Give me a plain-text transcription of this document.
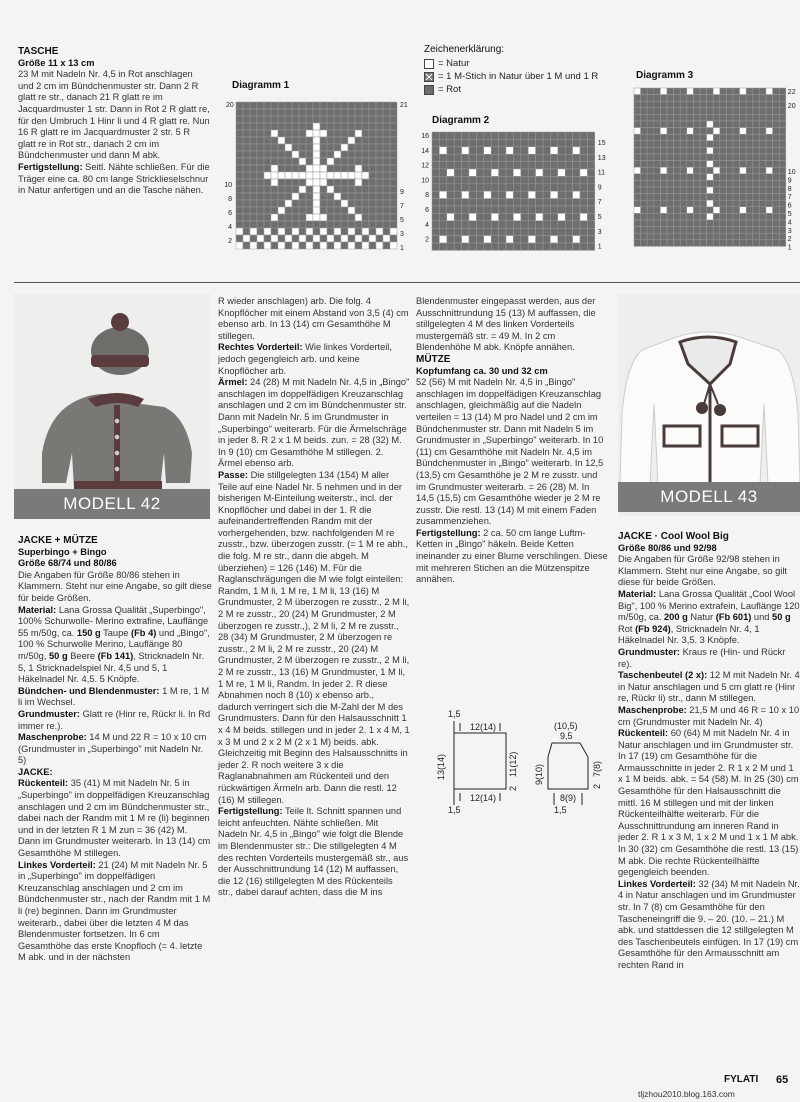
TASCHE

Größe 11 x 13 cm

23 M mit Nadeln Nr. 4,5 in Rot anschlagen und 2 cm im Bündchenmuster str. Dann 2 R glatt re str., danach 21 R glatt re im Jacquardmuster 1 str. Dann in Rot 2 R glatt re, für den Umbruch 1 Hinr li und 4 R glatt re. Nun 16 R glatt re im Jacquardmuster 2 str. 5 R glatt re in Rot str., danach 2 cm im Bündchenmuster und dann M abk.

Fertigstellung: Seitl. Nähte schließen. Für die Träger eine ca. 80 cm lange Stricklieselschnur in Natur anfertigen und an die Tasche nähen.

Zeichenerklärung:
= Natur
= 1 M-Stich in Natur über 1 M und 1 R
= Rot
Diagramm 1
20
10
8
6
4
2
21
9
7
5
3
1
Diagramm 2
16
14
12
10
8
6
4
2
15
13
11
9
7
5
3
1
Diagramm 3
22
20
10
9
8
7
6
5
4
3
2
1
MODELL 42

JACKE + MÜTZE

Superbingo + Bingo

Größe 68/74 und 80/86

Die Angaben für Größe 80/86 stehen in Klammern. Steht nur eine Angabe, so gilt diese für beide Größen.

Material: Lana Grossa Qualität „Superbingo", 100% Schurwolle- Merino extrafine, Lauflänge 55 m/50g, ca. 150 g Taupe (Fb 4) und „Bingo", 100 % Schurwolle Merino, Lauflänge 80 m/50g, 50 g Beere (Fb 141), Stricknadeln Nr. 5, 1 Stricknadelspiel Nr. 4,5 und 5, 1 Häkelnadel Nr. 4,5. 5 Knöpfe.

Bündchen- und Blendenmuster: 1 M re, 1 M li im Wechsel.

Grundmuster: Glatt re (Hinr re, Rückr li. In Rd immer re.).

Maschenprobe: 14 M und 22 R = 10 x 10 cm (Grundmuster in „Superbingo" mit Nadeln Nr. 5)

JACKE:

Rückenteil: 35 (41) M mit Nadeln Nr. 5 in „Superbingo" im doppelfädigen Kreuzanschlag anschlagen und 2 cm im Bündchenmuster str., dabei nach der Randm mit 1 M re (li) beginnen und in der letzten R 1 M zun = 36 (42) M. Dann im Grundmuster weiterarb. In 13 (14) cm Gesamthöhe M stillegen.

Linkes Vorderteil: 21 (24) M mit Nadeln Nr. 5 in „Superbingo" im doppelfädigen Kreuzanschlag anschlagen und 2 cm im Bündchenmuster str., nach der Randm mit 1 M li (re) beginnen. Dann im Grundmuster weiterarb., dabei über die letzten 4 M das Blendenmuster fortsetzen. In 6 cm Gesamthöhe das erste Knopfloch (= 4. letzte M abk. und in der nächsten

R wieder anschlagen) arb. Die folg. 4 Knopflöcher mit einem Abstand von 3,5 (4) cm ebenso arb. In 13 (14) cm Gesamthöhe M stillegen.

Rechtes Vorderteil: Wie linkes Vorderteil, jedoch gegengleich arb. und keine Knopflöcher arb.

Ärmel: 24 (28) M mit Nadeln Nr. 4,5 in „Bingo" anschlagen im doppelfädigen Kreuzanschlag anschlagen und 2 cm im Bündchenmuster str. Dann mit Nadeln Nr. 5 im Grundmuster in „Superbingo" weiterarb. Für die Ärmelschräge in jeder 8. R 2 x 1 M beids. zun. = 28 (32) M. In 9 (10) cm Gesamthöhe M stillegen. 2. Ärmel ebenso arb.

Passe: Die stillgelegten 134 (154) M aller Teile auf eine Nadel Nr. 5 nehmen und in der bisherigen M-Einteilung weiterstr., incl. der Knopflöcher und dabei in der 1. R die aufeinandertreffenden Randm mit der vorhergehenden, bzw. nachfolgenden M re zusstr., bzw. überzogen zusstr. (= 1 M re abh., die folg. M re str., dann die abgeh. M überziehen) = 126 (146) M. Für die Raglanschrägungen die M wie folgt einteilen: Randm, 1 M li, 1 M re, 1 M li, 13 (16) M Grundmuster, 2 M überzogen re zusstr., 2 M li, 2 M re zusstr., 20 (24) M Grundmuster, 2 M überzogen re zusstr.,), 2 M li, 2 M re zusstr., 28 (34) M Grundmuster, 2 M überzogen re zusstr., 2 M li, 2 M re zusstr., 20 (24) M Grundmuster, 2 M überzogen re zusstr., 2 M li, 2 M re zusstr., 13 (16) M Grundmuster, 1 M li, 1 M re, 1 M li, Randm. In jeder 2. R diese Abnahmen noch 8 (10) x ebenso arb., dadurch verringert sich die M-Zahl der M des Grundmusters. Dann für den Halsausschnitt 1 x 4 M beids. stillegen und in jeder 2. 1 x 4 M, 1 x 3 M und 2 x 2 M (2 x 1 M) beids. abk. Gleichzeitig mit Beginn des Halsausschnitts in jeder 2. R noch weitere 3 x die Raglanabnahmen am Rückenteil und den rückwärtigen Ärmeln arb. Dann die restl. 12 (16) M stillegen.

Fertigstellung: Teile lt. Schnitt spannen und leicht anfeuchten. Nähte schließen. Mit Nadeln Nr. 4,5 in „Bingo" wie folgt die Blende im Blendenmuster str.: Die stillgelegten 4 M des rechten Vorderteils mustergemäß str., aus der Ausschnittrundung 14 (12) M auffassen, die 12 (16) stillgelegten M des Rückenteils str., dabei darauf achten, dass die M ins

Blendenmuster eingepasst werden, aus der Ausschnittrundung 15 (13) M auffassen, die stillgelegten 4 M des linken Vorderteils mustergemäß str. = 49 M. In 2 cm Blendenhöhe M abk. Knöpfe annähen.

MÜTZE

Kopfumfang ca. 30 und 32 cm

52 (56) M mit Nadeln Nr. 4,5 in „Bingo" anschlagen im doppelfädigen Kreuzanschlag anschlagen, gleichmäßig auf die Nadeln verteilen = 13 (14) M pro Nadel und 2 cm im Bündchenmuster str. Dann mit Nadeln 5 im Grundmuster in „Superbingo" weiterarb. In 10 (11) cm Gesamthöhe mit Nadeln Nr. 4,5 im Bündchenmuster in „Bingo" weiterarb. In 12,5 (13,5) cm Gesamthöhe je 2 M re zusstr. und im Grundmuster weiterarb. = 26 (28) M. In 14,5 (15,5) cm Gesamthöhe wieder je 2 M re zusstr. Die restl. 13 (14) M mit einem Faden zusammenziehen.

Fertigstellung: 2 ca. 50 cm lange Luftm-Ketten in „Bingo" häkeln. Beide Ketten ineinander zu einer Blume verschlingen. Diese mit mehreren Stichen an die Mützenspitze annähen.

1,5
12(14)
12(14)
1,5
13(14)	11(12)
2
(10,5)
9,5
9(10)	7(8)
2
8(9)
1,5
MODELL 43

JACKE · Cool Wool Big

Größe 80/86 und 92/98

Die Angaben für Größe 92/98 stehen in Klammern. Steht nur eine Angabe, so gilt diese für beide Größen.

Material: Lana Grossa Qualität „Cool Wool Big", 100 % Merino extrafein, Lauflänge 120 m/50g, ca. 200 g Natur (Fb 601) und 50 g Rot (Fb 924), Stricknadeln Nr. 4, 1 Häkelnadel Nr. 3,5. 3 Knöpfe.

Grundmuster: Kraus re (Hin- und Rückr re).

Taschenbeutel (2 x): 12 M mit Nadeln Nr. 4 in Natur anschlagen und 5 cm glatt re (Hinr re, Rückr li) str., dann M stillegen.

Maschenprobe: 21,5 M und 46 R = 10 x 10 cm (Grundmuster mit Nadeln Nr. 4)

Rückenteil: 60 (64) M mit Nadeln Nr. 4 in Natur anschlagen und im Grundmuster str. In 17 (19) cm Gesamthöhe für die Armausschnitte in jeder 2. R 1 x 2 M und 1 x 1 M beids. abk. = 54 (58) M. In 25 (30) cm Gesamthöhe für den Halsausschnitt die mittl. 16 M stillegen und mit der linken Rückenteilhälfte weiterarb. Für die Ausschnittrundung am inneren Rand in jeder 2. R 1 x 3 M, 1 x 2 M und 1 x 1 M abk. In 30 (32) cm Gesamthöhe die restl. 13 (15) M abk. Die rechte Rückenteilhälfte gegengleich beenden.

Linkes Vorderteil: 32 (34) M mit Nadeln Nr. 4 in Natur anschlagen und im Grundmuster str. In 7 (8) cm Gesamthöhe für den Tascheneingriff die 9. – 20. (10. – 21.) M abk. und stattdessen die 12 stillgelegten M des Taschenbeutels einfügen. In 17 (19) cm Gesamthöhe für den Armausschnitt am rechten Rand in

FYLATI 65
tljzhou2010.blog.163.com
